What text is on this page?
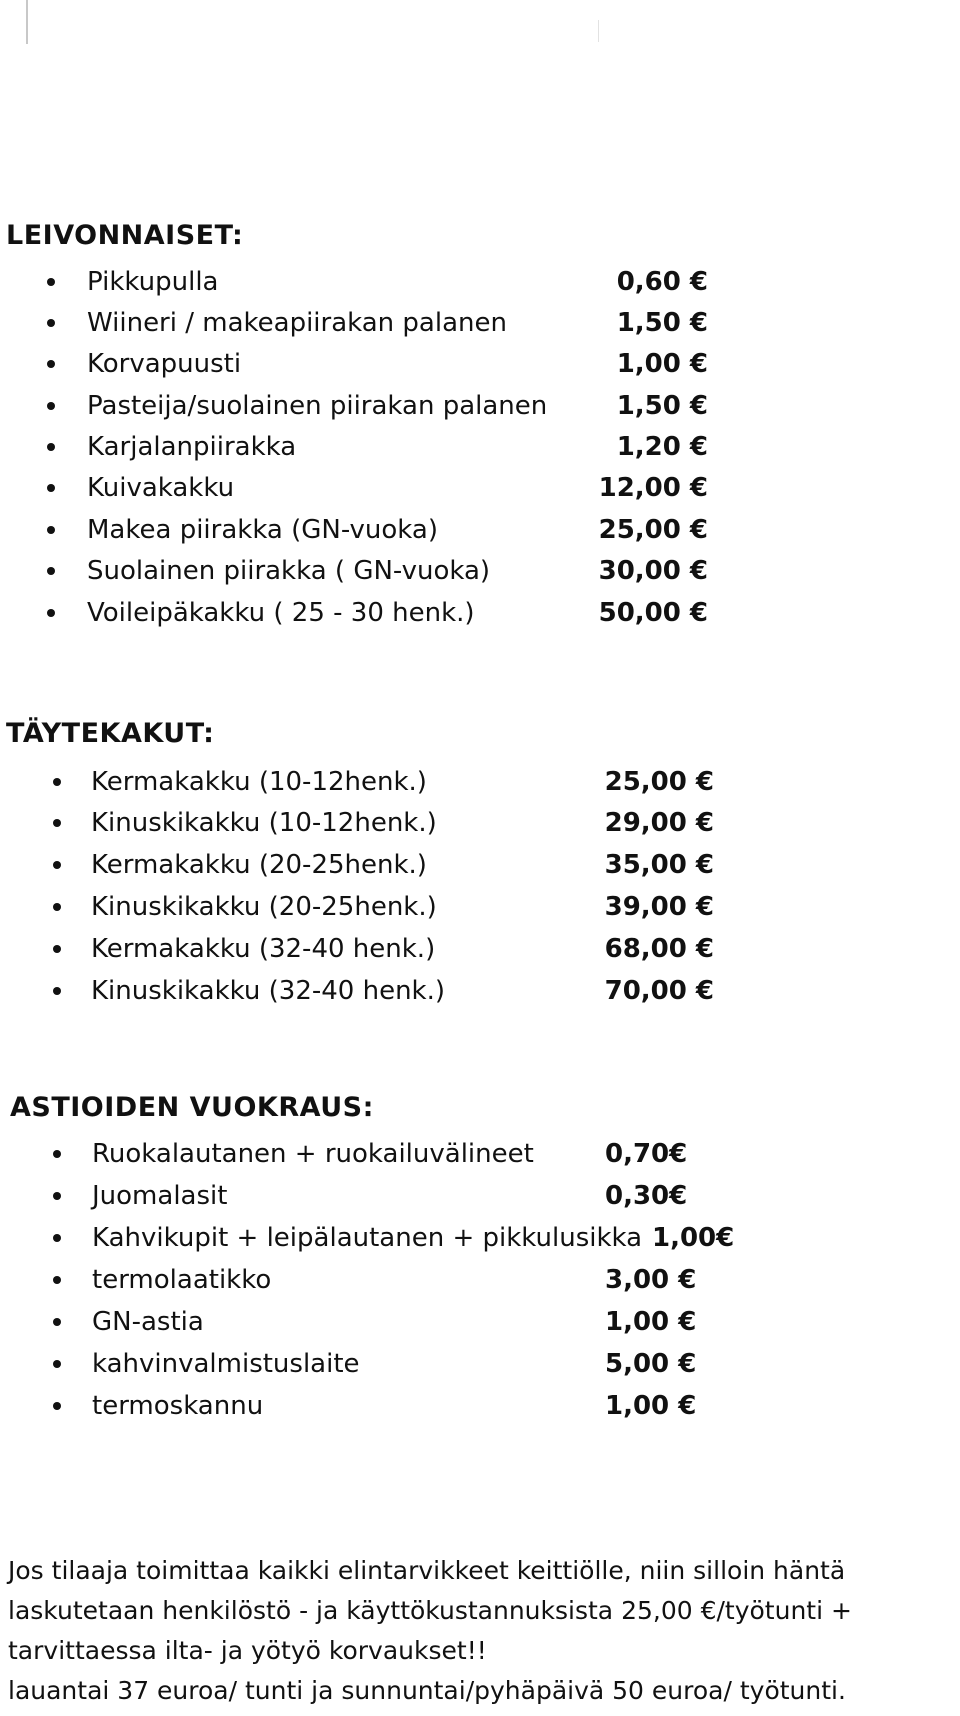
LEIVONNAISET:
Pikkupulla	0,60 €
Wiineri / makeapiirakan palanen	1,50 €
Korvapuusti	1,00 €
Pasteija/suolainen piirakan palanen	1,50 €
Karjalanpiirakka	1,20 €
Kuivakakku	12,00 €
Makea piirakka (GN-vuoka)	25,00 €
Suolainen piirakka ( GN-vuoka)	30,00 €
Voileipäkakku ( 25 - 30 henk.)	50,00 €
TÄYTEKAKUT:
Kermakakku (10-12henk.)	25,00 €
Kinuskikakku (10-12henk.)	29,00 €
Kermakakku (20-25henk.)	35,00 €
Kinuskikakku (20-25henk.)	39,00 €
Kermakakku (32-40 henk.)	68,00 €
Kinuskikakku (32-40 henk.)	70,00 €
ASTIOIDEN VUOKRAUS:
Ruokalautanen + ruokailuvälineet	0,70€
Juomalasit	0,30€
Kahvikupit + leipälautanen + pikkulusikka 1,00€
termolaatikko	3,00 €
GN-astia	1,00 €
kahvinvalmistuslaite	5,00 €
termoskannu	1,00 €
Jos tilaaja toimittaa kaikki elintarvikkeet keittiölle, niin silloin häntä
laskutetaan henkilöstö - ja käyttökustannuksista 25,00 €/työtunti +
tarvittaessa ilta- ja yötyö korvaukset!!
lauantai 37 euroa/ tunti ja sunnuntai/pyhäpäivä 50 euroa/ työtunti.
